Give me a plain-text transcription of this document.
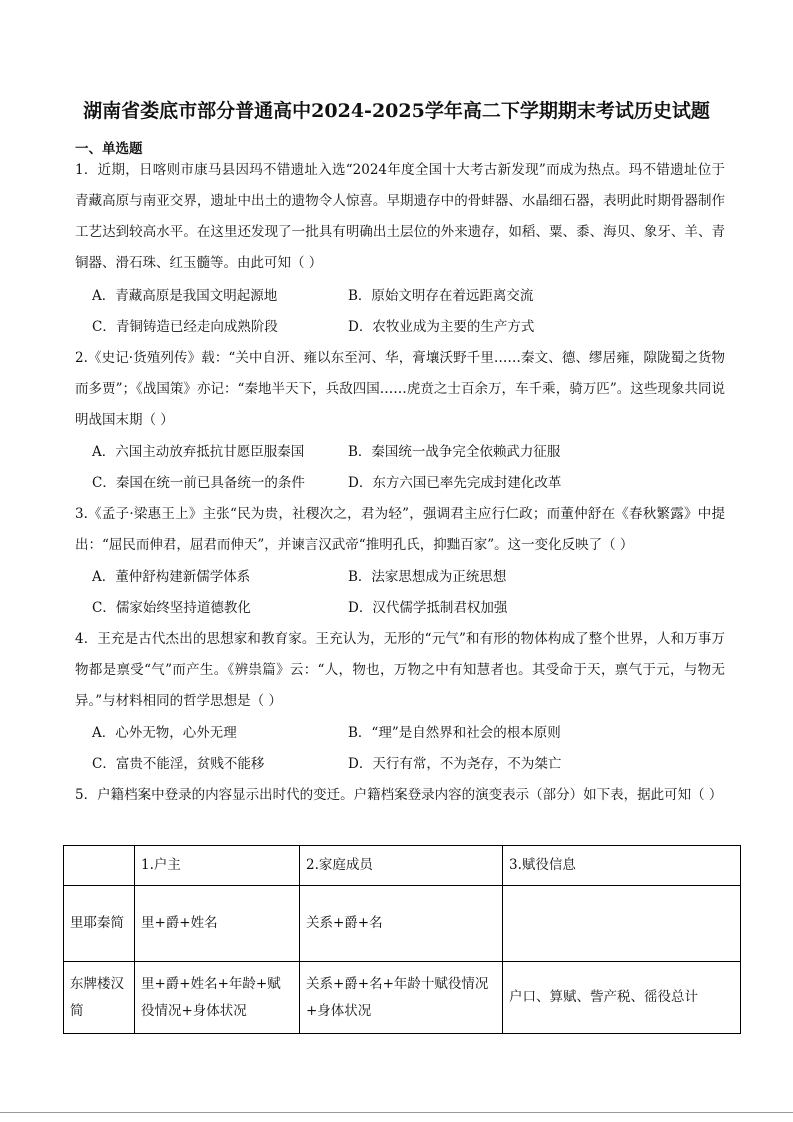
湖南省娄底市部分普通高中2024-2025学年高二下学期期末考试历史试题
一、单选题

1．近期，日喀则市康马县因玛不错遗址入选“2024年度全国十大考古新发现”而成为热点。玛不错遗址位于青藏高原与南亚交界，遗址中出土的遗物令人惊喜。早期遗存中的骨蚌器、水晶细石器，表明此时期骨器制作工艺达到较高水平。在这里还发现了一批具有明确出土层位的外来遗存，如稻、粟、黍、海贝、象牙、羊、青铜器、滑石珠、红玉髓等。由此可知（ ）

A．青藏高原是我国文明起源地	B．原始文明存在着远距离交流
C．青铜铸造已经走向成熟阶段	D．农牧业成为主要的生产方式

2.《史记·货殖列传》载：“关中自汧、雍以东至河、华，膏壤沃野千里……秦文、德、缪居雍，隙陇蜀之货物而多贾”；《战国策》亦记：“秦地半天下，兵敌四国……虎贲之士百余万，车千乘，骑万匹”。这些现象共同说明战国末期（ ）

A．六国主动放弃抵抗甘愿臣服秦国	B．秦国统一战争完全依赖武力征服
C．秦国在统一前已具备统一的条件	D．东方六国已率先完成封建化改革

3.《孟子·梁惠王上》主张“民为贵，社稷次之，君为轻”，强调君主应行仁政；而董仲舒在《春秋繁露》中提出：“屈民而伸君，屈君而伸天”，并谏言汉武帝“推明孔氏，抑黜百家”。这一变化反映了（ ）

A．董仲舒构建新儒学体系	B．法家思想成为正统思想
C．儒家始终坚持道德教化	D．汉代儒学抵制君权加强

4．王充是古代杰出的思想家和教育家。王充认为，无形的“元气”和有形的物体构成了整个世界，人和万事万物都是禀受“气”而产生。《辨祟篇》云：“人，物也，万物之中有知慧者也。其受命于天，禀气于元，与物无异。”与材料相同的哲学思想是（ ）

A．心外无物，心外无理	B．“理”是自然界和社会的根本原则
C．富贵不能淫，贫贱不能移	D．天行有常，不为尧存，不为桀亡

5．户籍档案中登录的内容显示出时代的变迁。户籍档案登录内容的演变表示（部分）如下表，据此可知（ ）

	1.户主	2.家庭成员	3.赋役信息
里耶秦简	里+爵+姓名	关系+爵+名	
东牌楼汉简	里+爵+姓名+年龄+赋役情况+身体状况	关系+爵+名+年龄十赋役情况+身体状况	户口、算赋、訾产税、徭役总计
